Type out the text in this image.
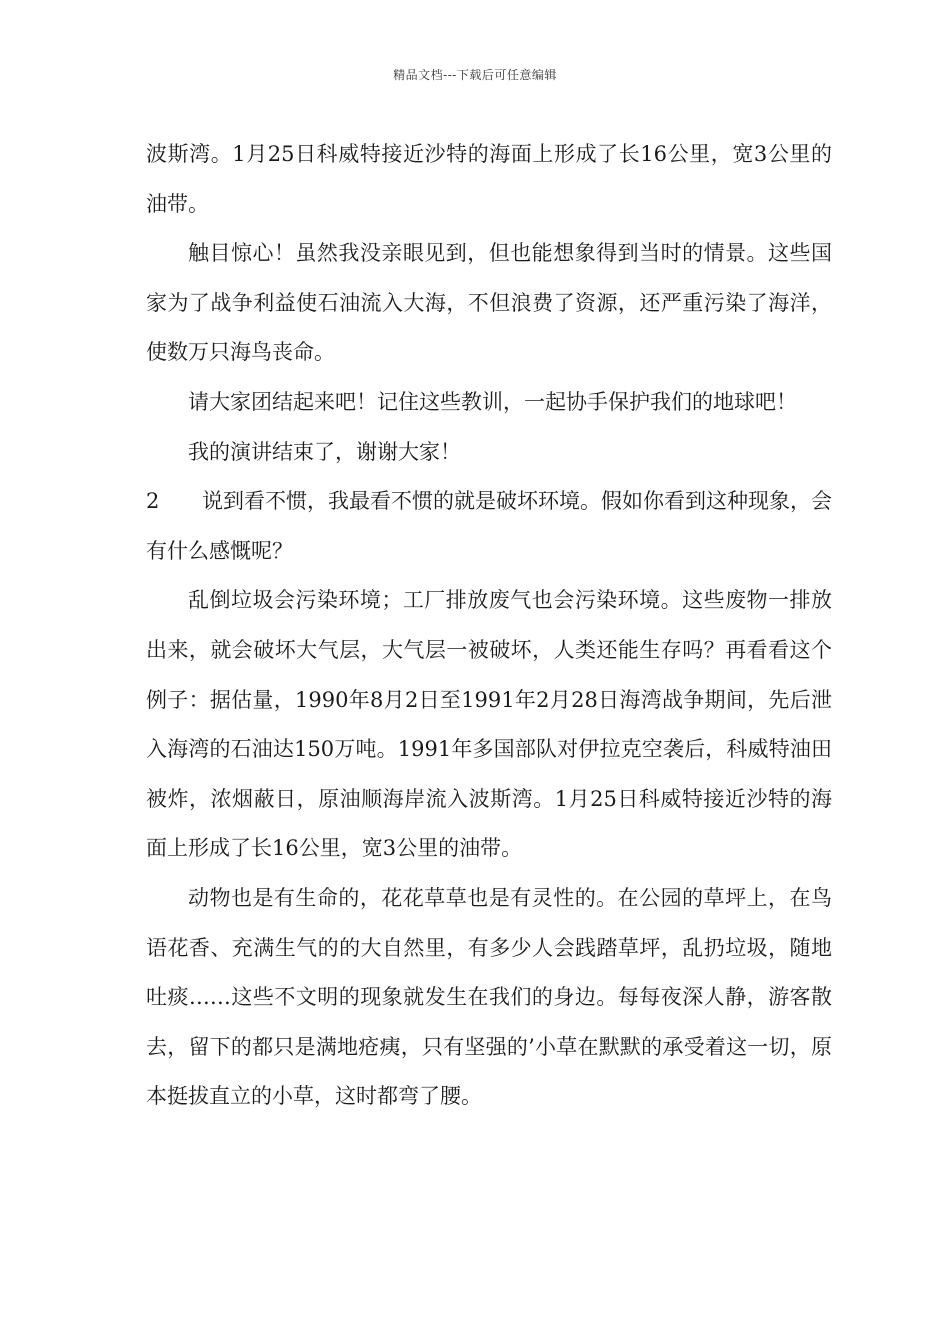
精品文档---下载后可任意编辑

波斯湾。1月25日科威特接近沙特的海面上形成了长16公里，宽3公里的油带。

触目惊心！虽然我没亲眼见到，但也能想象得到当时的情景。这些国家为了战争利益使石油流入大海，不但浪费了资源，还严重污染了海洋，使数万只海鸟丧命。

请大家团结起来吧！记住这些教训，一起协手保护我们的地球吧！

我的演讲结束了，谢谢大家！

2 说到看不惯，我最看不惯的就是破坏环境。假如你看到这种现象，会有什么感慨呢？

乱倒垃圾会污染环境；工厂排放废气也会污染环境。这些废物一排放出来，就会破坏大气层，大气层一被破坏，人类还能生存吗？再看看这个例子：据估量，1990年8月2日至1991年2月28日海湾战争期间，先后泄入海湾的石油达150万吨。1991年多国部队对伊拉克空袭后，科威特油田被炸，浓烟蔽日，原油顺海岸流入波斯湾。1月25日科威特接近沙特的海面上形成了长16公里，宽3公里的油带。

动物也是有生命的，花花草草也是有灵性的。在公园的草坪上，在鸟语花香、充满生气的的大自然里，有多少人会践踏草坪，乱扔垃圾，随地吐痰……这些不文明的现象就发生在我们的身边。每每夜深人静，游客散去，留下的都只是满地疮痍，只有坚强的’小草在默默的承受着这一切，原本挺拔直立的小草，这时都弯了腰。
